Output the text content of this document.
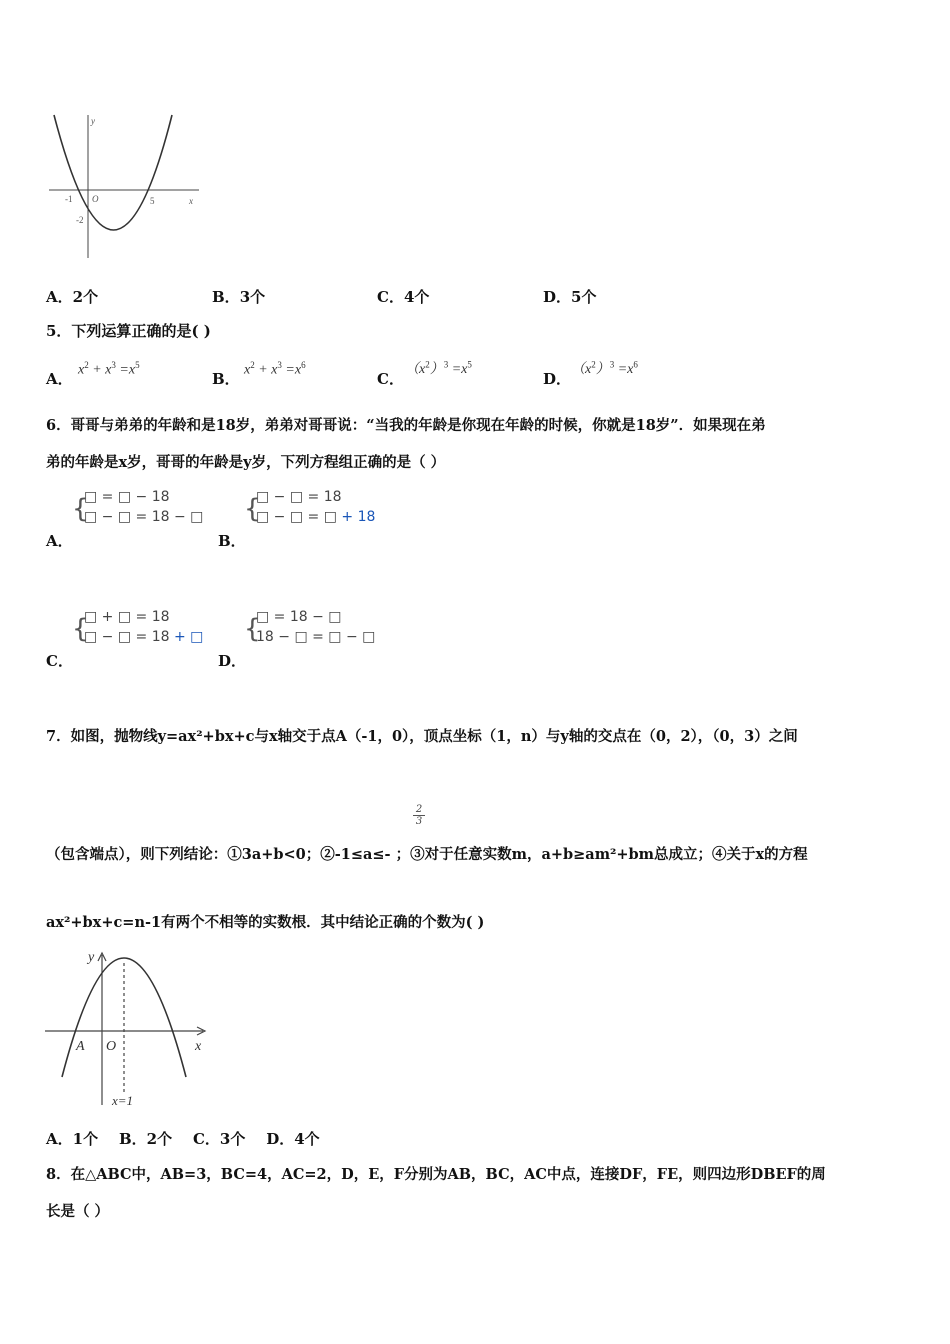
y
x
-1 O	5
-2
A．2个	B．3个	C．4个	D．5个
5．下列运算正确的是( )
A． $x^2 + x^3 =x^5$
B． $x^2 + x^3 =x^6$
C．
$(x^2)^3 =x^5$
D．
$(x^2)^3 =x^6$
6．哥哥与弟弟的年龄和是18岁，弟弟对哥哥说：“当我的年龄是你现在年龄的时候，你就是18岁”．如果现在弟
弟的年龄是x岁，哥哥的年龄是y岁，下列方程组正确的是（ ）
{
□ = □ − 18
□ − □ = 18 − □
A．
{
□ − □ = 18
□ − □ = □ + 18
B．
{
□ + □ = 18
□ − □ = 18 + □
C．
{
□ = 18 − □
18 − □ = □ − □
D．
7．如图，抛物线y=ax²+bx+c与x轴交于点A（-1，0），顶点坐标（1，n）与y轴的交点在（0，2），（0，3）之间
$\frac{2}{3}$
（包含端点），则下列结论：①3a+b<0；②-1≤a≤- ；③对于任意实数m，a+b≥am²+bm总成立；④关于x的方程
ax²+bx+c=n-1有两个不相等的实数根．其中结论正确的个数为( )
y
x
A O
x=1
A．1个    B．2个    C．3个    D．4个
8．在△ABC中，AB=3，BC=4，AC=2，D，E，F分别为AB，BC，AC中点，连接DF，FE，则四边形DBEF的周
长是（ ）
